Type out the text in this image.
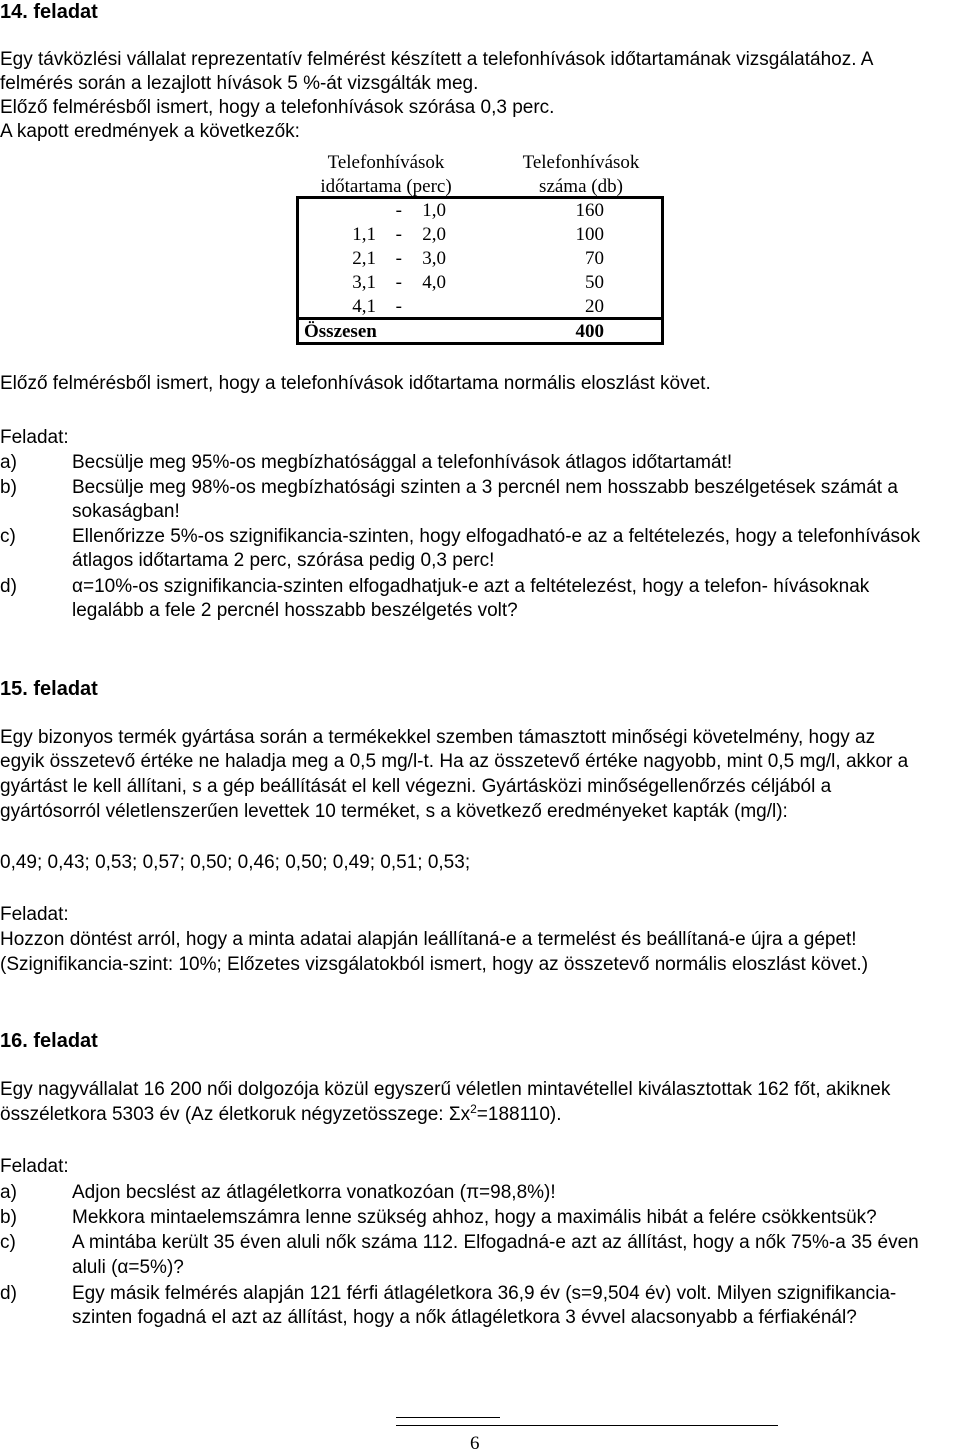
14. feladat
Egy távközlési vállalat reprezentatív felmérést készített a telefonhívások időtartamának vizsgálatához. A
felmérés során a lezajlott hívások 5 %-át vizsgálták meg.
Előző felmérésből ismert, hogy a telefonhívások szórása 0,3 perc.
A kapott eredmények a következők:
Telefonhívások
időtartama (perc)
Telefonhívások
száma (db)
-	1,0	160
1,1 -	2,0	100
2,1 -	3,0	70
3,1 -	4,0	50
4,1 -	20
Összesen	400
Előző felmérésből ismert, hogy a telefonhívások időtartama normális eloszlást követ.
Feladat:
a)	Becsülje meg 95%-os megbízhatósággal a telefonhívások átlagos időtartamát!
b)	Becsülje meg 98%-os megbízhatósági szinten a 3 percnél nem hosszabb beszélgetések számát a
sokaságban!
c)	Ellenőrizze 5%-os szignifikancia-szinten, hogy elfogadható-e az a feltételezés, hogy a telefonhívások
átlagos időtartama 2 perc, szórása pedig 0,3 perc!
d)	α=10%-os szignifikancia-szinten elfogadhatjuk-e azt a feltételezést, hogy a telefon- hívásoknak
legalább a fele 2 percnél hosszabb beszélgetés volt?
15. feladat
Egy bizonyos termék gyártása során a termékekkel szemben támasztott minőségi követelmény, hogy az
egyik összetevő értéke ne haladja meg a 0,5 mg/l-t. Ha az összetevő értéke nagyobb, mint 0,5 mg/l, akkor a
gyártást le kell állítani, s a gép beállítását el kell végezni. Gyártásközi minőségellenőrzés céljából a
gyártósorról véletlenszerűen levettek 10 terméket, s a következő eredményeket kapták (mg/l):
0,49; 0,43; 0,53; 0,57; 0,50; 0,46; 0,50; 0,49; 0,51; 0,53;
Feladat:
Hozzon döntést arról, hogy a minta adatai alapján leállítaná-e a termelést és beállítaná-e újra a gépet!
(Szignifikancia-szint: 10%; Előzetes vizsgálatokból ismert, hogy az összetevő normális eloszlást követ.)
16. feladat
Egy nagyvállalat 16 200 női dolgozója közül egyszerű véletlen mintavétellel kiválasztottak 162 főt, akiknek
összéletkora 5303 év (Az életkoruk négyzetösszege: $\Sigma x^2=188110$).
Feladat:
a)	Adjon becslést az átlagéletkorra vonatkozóan (π=98,8%)!
b)	Mekkora mintaelemszámra lenne szükség ahhoz, hogy a maximális hibát a felére csökkentsük?
c)	A mintába került 35 éven aluli nők száma 112. Elfogadná-e azt az állítást, hogy a nők 75%-a 35 éven
aluli (α=5%)?
d)	Egy másik felmérés alapján 121 férfi átlagéletkora 36,9 év (s=9,504 év) volt. Milyen szignifikancia-
szinten fogadná el azt az állítást, hogy a nők átlagéletkora 3 évvel alacsonyabb a férfiakénál?
6
